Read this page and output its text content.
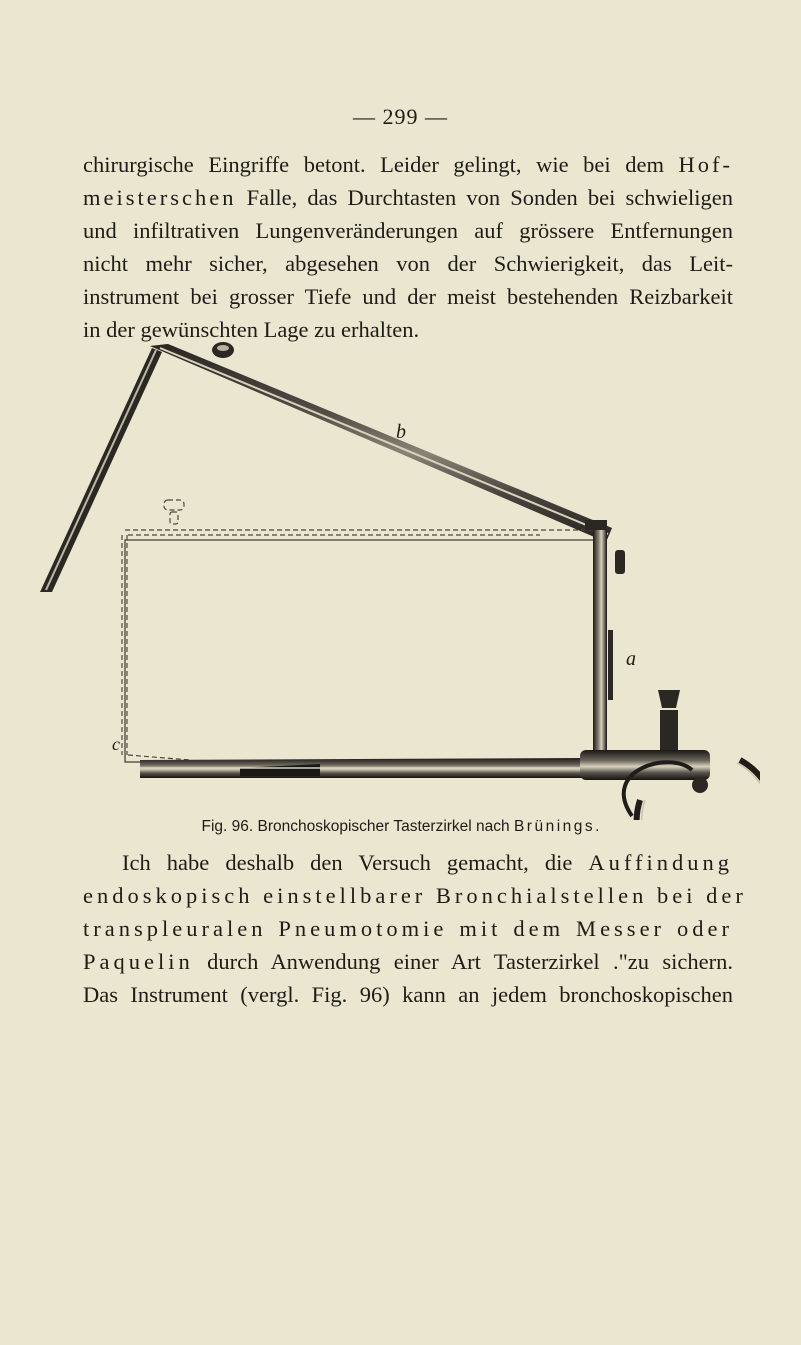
— 299 —
chirurgische Eingriffe betont. Leider gelingt, wie bei dem Hof-
meisterschen Falle, das Durchtasten von Sonden bei schwieligen
und infiltrativen Lungenveränderungen auf grössere Entfernungen
nicht mehr sicher, abgesehen von der Schwierigkeit, das Leit-
instrument bei grosser Tiefe und der meist bestehenden Reizbarkeit
in der gewünschten Lage zu erhalten.
b
a
c
Fig. 96. Bronchoskopischer Tasterzirkel nach Brünings.
Ich habe deshalb den Versuch gemacht, die Auffindung
endoskopisch einstellbarer Bronchialstellen bei der
transpleuralen Pneumotomie mit dem Messer oder
Paquelin durch Anwendung einer Art Tasterzirkel ."zu sichern.
Das Instrument (vergl. Fig. 96) kann an jedem bronchoskopischen
